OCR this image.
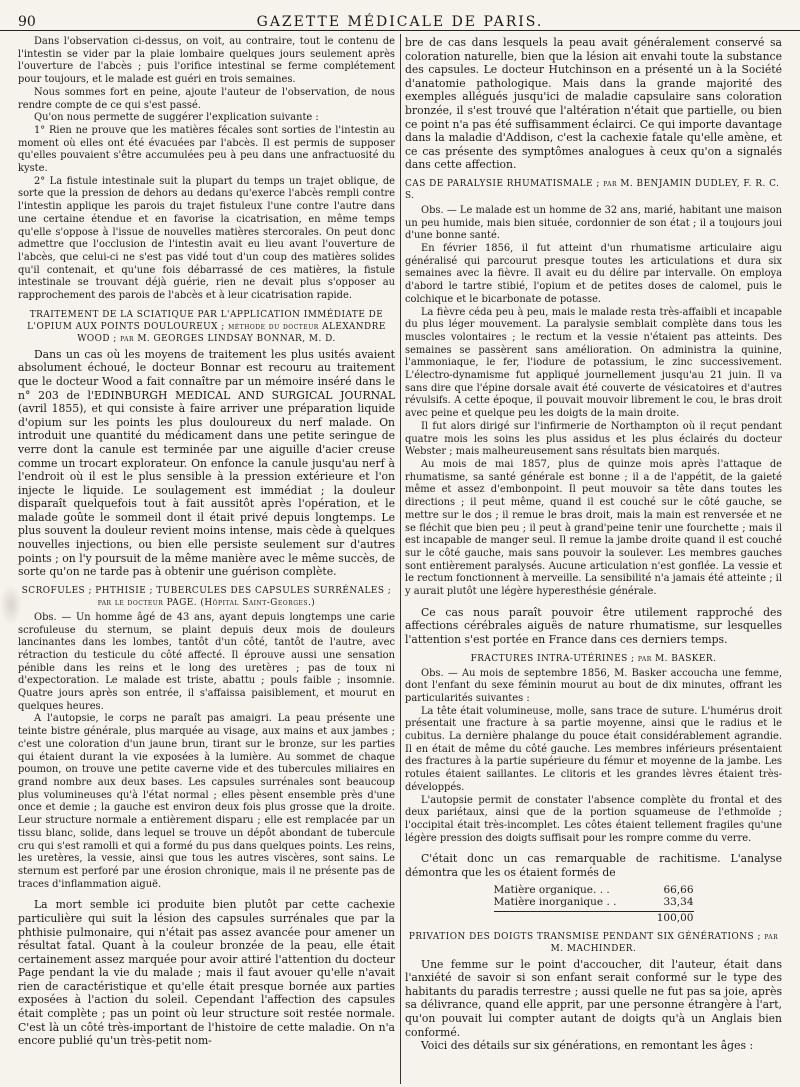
90	GAZETTE MÉDICALE DE PARIS.

Dans l'observation ci-dessus, on voit, au contraire, tout le contenu de l'intestin se vider par la plaie lombaire quelques jours seulement après l'ouverture de l'abcès ; puis l'orifice intestinal se ferme complétement pour toujours, et le malade est guéri en trois semaines.

Nous sommes fort en peine, ajoute l'auteur de l'observation, de nous rendre compte de ce qui s'est passé.

Qu'on nous permette de suggérer l'explication suivante :

1° Rien ne prouve que les matières fécales sont sorties de l'intestin au moment où elles ont été évacuées par l'abcès. Il est permis de supposer qu'elles pouvaient s'être accumulées peu à peu dans une anfractuosité du kyste.

2° La fistule intestinale suit la plupart du temps un trajet oblique, de sorte que la pression de dehors au dedans qu'exerce l'abcès rempli contre l'intestin applique les parois du trajet fistuleux l'une contre l'autre dans une certaine étendue et en favorise la cicatrisation, en même temps qu'elle s'oppose à l'issue de nouvelles matières stercorales. On peut donc admettre que l'occlusion de l'intestin avait eu lieu avant l'ouverture de l'abcès, que celui-ci ne s'est pas vidé tout d'un coup des matières solides qu'il contenait, et qu'une fois débarrassé de ces matières, la fistule intestinale se trouvant déjà guérie, rien ne devait plus s'opposer au rapprochement des parois de l'abcès et à leur cicatrisation rapide.

TRAITEMENT DE LA SCIATIQUE PAR L'APPLICATION IMMÉDIATE DE L'OPIUM AUX POINTS DOULOUREUX ; méthode du docteur ALEXANDRE WOOD ; par M. GEORGES LINDSAY BONNAR, M. D.

Dans un cas où les moyens de traitement les plus usités avaient absolument échoué, le docteur Bonnar est recouru au traitement que le docteur Wood a fait connaître par un mémoire inséré dans le n° 203 de l'EDINBURGH MEDICAL AND SURGICAL JOURNAL (avril 1855), et qui consiste à faire arriver une préparation liquide d'opium sur les points les plus douloureux du nerf malade. On introduit une quantité du médicament dans une petite seringue de verre dont la canule est terminée par une aiguille d'acier creuse comme un trocart explorateur. On enfonce la canule jusqu'au nerf à l'endroit où il est le plus sensible à la pression extérieure et l'on injecte le liquide. Le soulagement est immédiat ; la douleur disparaît quelquefois tout à fait aussitôt après l'opération, et le malade goûte le sommeil dont il était privé depuis longtemps. Le plus souvent la douleur revient moins intense, mais cède à quelques nouvelles injections, ou bien elle persiste seulement sur d'autres points ; on l'y poursuit de la même manière avec le même succès, de sorte qu'on ne tarde pas à obtenir une guérison complète.

SCROFULES ; PHTHISIE ; TUBERCULES DES CAPSULES SURRÉNALES ; par le docteur PAGE. (Hôpital Saint-Georges.)

Obs. — Un homme âgé de 43 ans, ayant depuis longtemps une carie scrofuleuse du sternum, se plaint depuis deux mois de douleurs lancinantes dans les lombes, tantôt d'un côté, tantôt de l'autre, avec rétraction du testicule du côté affecté. Il éprouve aussi une sensation pénible dans les reins et le long des uretères ; pas de toux ni d'expectoration. Le malade est triste, abattu ; pouls faible ; insomnie. Quatre jours après son entrée, il s'affaissa paisiblement, et mourut en quelques heures.

A l'autopsie, le corps ne paraît pas amaigri. La peau présente une teinte bistre générale, plus marquée au visage, aux mains et aux jambes ; c'est une coloration d'un jaune brun, tirant sur le bronze, sur les parties qui étaient durant la vie exposées à la lumière. Au sommet de chaque poumon, on trouve une petite caverne vide et des tubercules miliaires en grand nombre aux deux bases. Les capsules surrénales sont beaucoup plus volumineuses qu'à l'état normal ; elles pèsent ensemble près d'une once et demie ; la gauche est environ deux fois plus grosse que la droite. Leur structure normale a entièrement disparu ; elle est remplacée par un tissu blanc, solide, dans lequel se trouve un dépôt abondant de tubercule cru qui s'est ramolli et qui a formé du pus dans quelques points. Les reins, les uretères, la vessie, ainsi que tous les autres viscères, sont sains. Le sternum est perforé par une érosion chronique, mais il ne présente pas de traces d'inflammation aiguë.

La mort semble ici produite bien plutôt par cette cachexie particulière qui suit la lésion des capsules surrénales que par la phthisie pulmonaire, qui n'était pas assez avancée pour amener un résultat fatal. Quant à la couleur bronzée de la peau, elle était certainement assez marquée pour avoir attiré l'attention du docteur Page pendant la vie du malade ; mais il faut avouer qu'elle n'avait rien de caractéristique et qu'elle était presque bornée aux parties exposées à l'action du soleil. Cependant l'affection des capsules était complète ; pas un point où leur structure soit restée normale. C'est là un côté très-important de l'histoire de cette maladie. On n'a encore publié qu'un très-petit nom-

bre de cas dans lesquels la peau avait généralement conservé sa coloration naturelle, bien que la lésion ait envahi toute la substance des capsules. Le docteur Hutchinson en a présenté un à la Société d'anatomie pathologique. Mais dans la grande majorité des exemples allégués jusqu'ici de maladie capsulaire sans coloration bronzée, il s'est trouvé que l'altération n'était que partielle, ou bien ce point n'a pas été suffisamment éclairci. Ce qui importe davantage dans la maladie d'Addison, c'est la cachexie fatale qu'elle amène, et ce cas présente des symptômes analogues à ceux qu'on a signalés dans cette affection.

CAS DE PARALYSIE RHUMATISMALE ; par M. BENJAMIN DUDLEY, F. R. C. S.

Obs. — Le malade est un homme de 32 ans, marié, habitant une maison un peu humide, mais bien située, cordonnier de son état ; il a toujours joui d'une bonne santé.

En février 1856, il fut atteint d'un rhumatisme articulaire aigu généralisé qui parcourut presque toutes les articulations et dura six semaines avec la fièvre. Il avait eu du délire par intervalle. On employa d'abord le tartre stibié, l'opium et de petites doses de calomel, puis le colchique et le bicarbonate de potasse.

La fièvre céda peu à peu, mais le malade resta très-affaibli et incapable du plus léger mouvement. La paralysie semblait complète dans tous les muscles volontaires ; le rectum et la vessie n'étaient pas atteints. Des semaines se passèrent sans amélioration. On administra la quinine, l'ammoniaque, le fer, l'iodure de potassium, le zinc successivement. L'électro-dynamisme fut appliqué journellement jusqu'au 21 juin. Il va sans dire que l'épine dorsale avait été couverte de vésicatoires et d'autres révulsifs. A cette époque, il pouvait mouvoir librement le cou, le bras droit avec peine et quelque peu les doigts de la main droite.

Il fut alors dirigé sur l'infirmerie de Northampton où il reçut pendant quatre mois les soins les plus assidus et les plus éclairés du docteur Webster ; mais malheureusement sans résultats bien marqués.

Au mois de mai 1857, plus de quinze mois après l'attaque de rhumatisme, sa santé générale est bonne ; il a de l'appétit, de la gaieté même et assez d'embonpoint. Il peut mouvoir sa tête dans toutes les directions ; il peut même, quand il est couché sur le côté gauche, se mettre sur le dos ; il remue le bras droit, mais la main est renversée et ne se fléchit que bien peu ; il peut à grand'peine tenir une fourchette ; mais il est incapable de manger seul. Il remue la jambe droite quand il est couché sur le côté gauche, mais sans pouvoir la soulever. Les membres gauches sont entièrement paralysés. Aucune articulation n'est gonflée. La vessie et le rectum fonctionnent à merveille. La sensibilité n'a jamais été atteinte ; il y aurait plutôt une légère hyperesthésie générale.

Ce cas nous paraît pouvoir être utilement rapproché des affections cérébrales aiguës de nature rhumatisme, sur lesquelles l'attention s'est portée en France dans ces derniers temps.

FRACTURES INTRA-UTÉRINES ; par M. BASKER.

Obs. — Au mois de septembre 1856, M. Basker accoucha une femme, dont l'enfant du sexe féminin mourut au bout de dix minutes, offrant les particularités suivantes :

La tête était volumineuse, molle, sans trace de suture. L'humérus droit présentait une fracture à sa partie moyenne, ainsi que le radius et le cubitus. La dernière phalange du pouce était considérablement agrandie. Il en était de même du côté gauche. Les membres inférieurs présentaient des fractures à la partie supérieure du fémur et moyenne de la jambe. Les rotules étaient saillantes. Le clitoris et les grandes lèvres étaient très-développés.

L'autopsie permit de constater l'absence complète du frontal et des deux pariétaux, ainsi que de la portion squameuse de l'ethmoïde ; l'occipital était très-incomplet. Les côtes étaient tellement fragiles qu'une légère pression des doigts suffisait pour les rompre comme du verre.

C'était donc un cas remarquable de rachitisme. L'analyse démontra que les os étaient formés de

Matière organique. . .	66,66
Matière inorganique . .	33,34
100,00
PRIVATION DES DOIGTS TRANSMISE PENDANT SIX GÉNÉRATIONS ; par M. MACHINDER.

Une femme sur le point d'accoucher, dit l'auteur, était dans l'anxiété de savoir si son enfant serait conformé sur le type des habitants du paradis terrestre ; aussi quelle ne fut pas sa joie, après sa délivrance, quand elle apprit, par une personne étrangère à l'art, qu'on pouvait lui compter autant de doigts qu'à un Anglais bien conformé.

Voici des détails sur six générations, en remontant les âges :
